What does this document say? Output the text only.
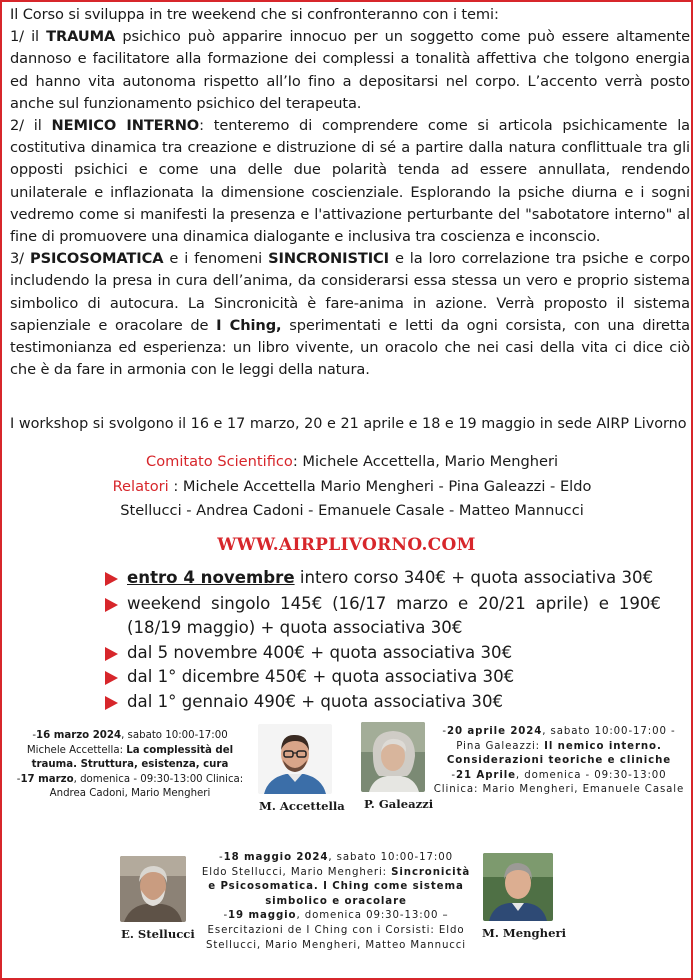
Il Corso si sviluppa in tre weekend che si confronteranno con i temi:

1/ il TRAUMA psichico può apparire innocuo per un soggetto come può essere altamente dannoso e facilitatore alla formazione dei complessi a tonalità affettiva che tolgono energia ed hanno vita autonoma rispetto all’Io fino a depositarsi nel corpo. L’accento verrà posto anche sul funzionamento psichico del terapeuta.

2/ il NEMICO INTERNO: tenteremo di comprendere come si articola psichicamente la costitutiva dinamica tra creazione e distruzione di sé a partire dalla natura conflittuale tra gli opposti psichici e come una delle due polarità tenda ad essere annullata, rendendo unilaterale e inflazionata la dimensione coscienziale. Esplorando la psiche diurna e i sogni vedremo come si manifesti la presenza e l'attivazione perturbante del "sabotatore interno" al fine di promuovere una dinamica dialogante e inclusiva tra coscienza e inconscio.

3/ PSICOSOMATICA e i fenomeni SINCRONISTICI e la loro correlazione tra psiche e corpo includendo la presa in cura dell’anima, da considerarsi essa stessa un vero e proprio sistema simbolico di autocura. La Sincronicità è fare-anima in azione. Verrà proposto il sistema sapienziale e oracolare de I Ching, sperimentati e letti da ogni corsista, con una diretta testimonianza ed esperienza: un libro vivente, un oracolo che nei casi della vita ci dice ciò che è da fare in armonia con le leggi della natura.

I workshop si svolgono il 16 e 17 marzo, 20 e 21 aprile e 18 e 19 maggio in sede AIRP Livorno
Comitato Scientifico: Michele Accettella, Mario Mengheri
Relatori : Michele Accettella Mario Mengheri - Pina Galeazzi - Eldo
Stellucci - Andrea Cadoni - Emanuele Casale - Matteo Mannucci
WWW.AIRPLIVORNO.COM
entro 4 novembre intero corso 340€ + quota associativa 30€
weekend singolo 145€ (16/17 marzo e 20/21 aprile) e 190€ (18/19 maggio) + quota associativa 30€
dal 5 novembre 400€ + quota associativa 30€
dal 1° dicembre 450€ + quota associativa 30€
dal 1° gennaio 490€ + quota associativa 30€
-16 marzo 2024, sabato 10:00-17:00
Michele Accettella: La complessità del trauma. Struttura, esistenza, cura
-17 marzo, domenica - 09:30-13:00 Clinica: Andrea Cadoni, Mario Mengheri
M. Accettella P. Galeazzi
-20 aprile 2024, sabato 10:00-17:00 -
Pina Galeazzi: Il nemico interno. Considerazioni teoriche e cliniche
-21 Aprile, domenica - 09:30-13:00
Clinica: Mario Mengheri, Emanuele Casale
E. Stellucci
-18 maggio 2024, sabato 10:00-17:00
Eldo Stellucci, Mario Mengheri: Sincronicità e Psicosomatica. I Ching come sistema simbolico e oracolare
-19 maggio, domenica 09:30-13:00 – Esercitazioni de I Ching con i Corsisti: Eldo Stellucci, Mario Mengheri, Matteo Mannucci
M. Mengheri
